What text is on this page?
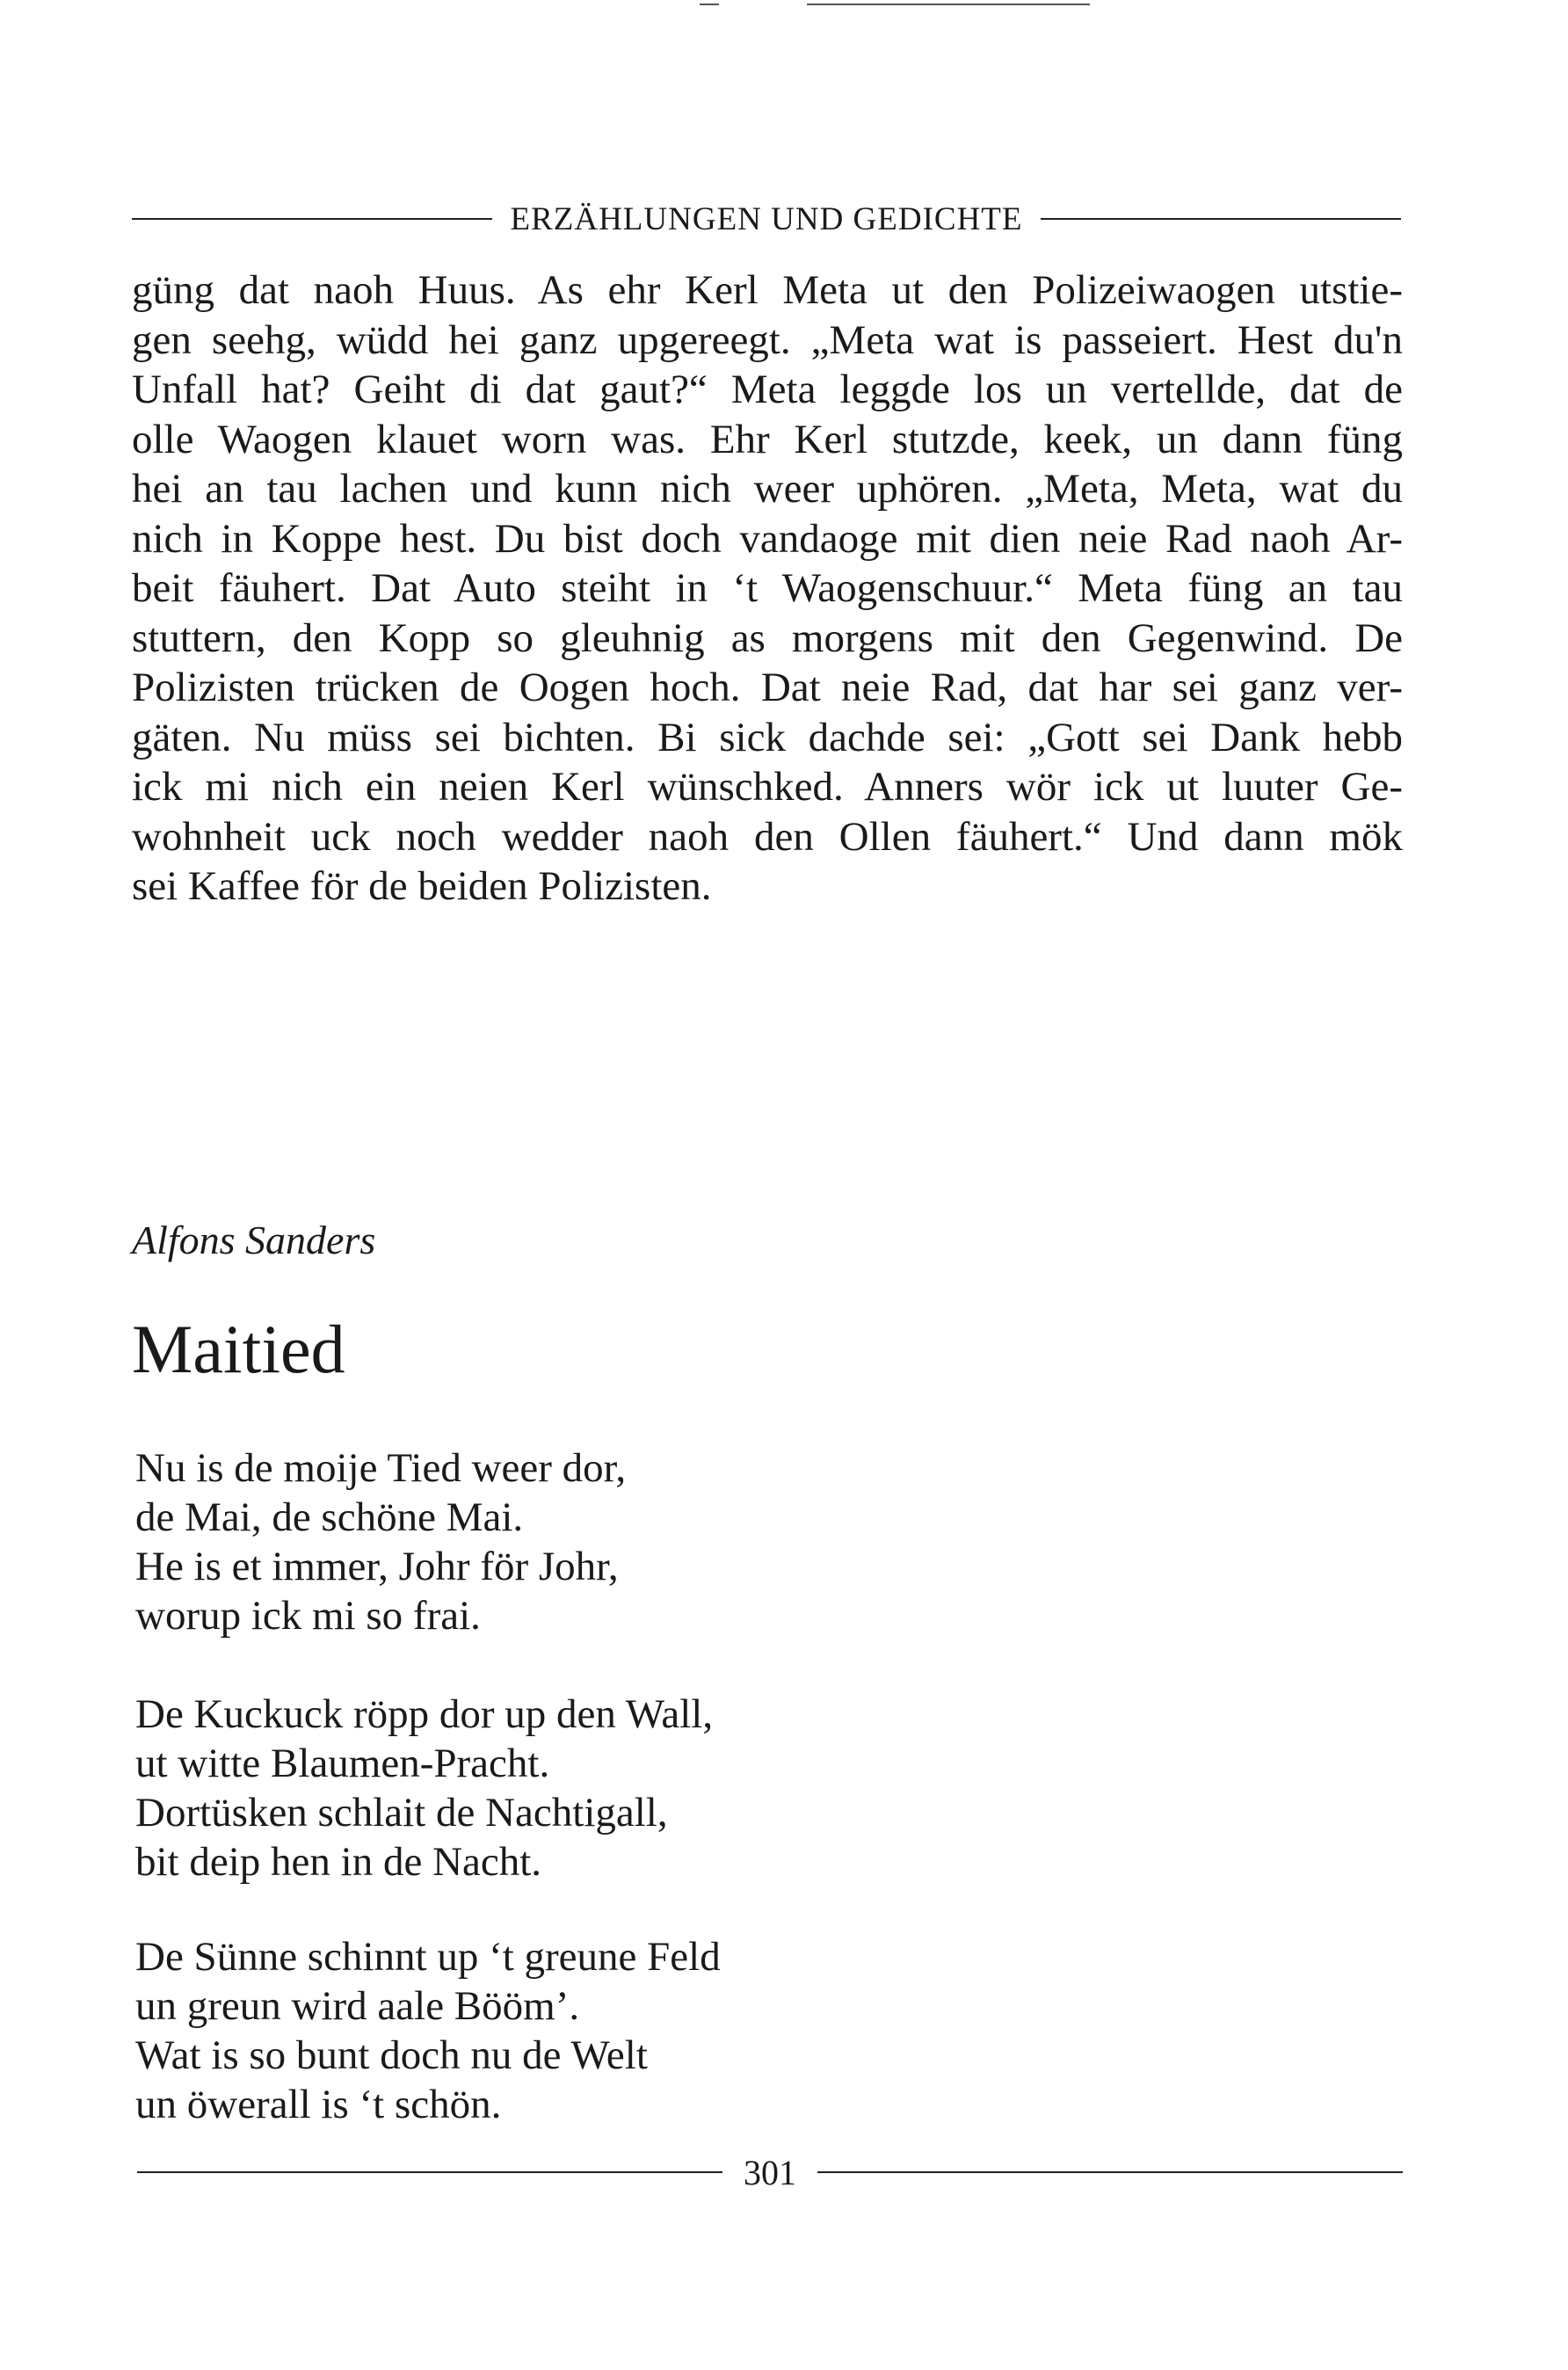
ERZÄHLUNGEN UND GEDICHTE
güng dat naoh Huus. As ehr Kerl Meta ut den Polizeiwaogen utstie-
gen seehg, wüdd hei ganz upgereegt. „Meta wat is passeiert. Hest du'n
Unfall hat? Geiht di dat gaut?“ Meta leggde los un vertellde, dat de
olle Waogen klauet worn was. Ehr Kerl stutzde, keek, un dann füng
hei an tau lachen und kunn nich weer uphören. „Meta, Meta, wat du
nich in Koppe hest. Du bist doch vandaoge mit dien neie Rad naoh Ar-
beit fäuhert. Dat Auto steiht in ‘t Waogenschuur.“ Meta füng an tau
stuttern, den Kopp so gleuhnig as morgens mit den Gegenwind. De
Polizisten trücken de Oogen hoch. Dat neie Rad, dat har sei ganz ver-
gäten. Nu müss sei bichten. Bi sick dachde sei: „Gott sei Dank hebb
ick mi nich ein neien Kerl wünschked. Anners wör ick ut luuter Ge-
wohnheit uck noch wedder naoh den Ollen fäuhert.“ Und dann mök
sei Kaffee för de beiden Polizisten.
Alfons Sanders
Maitied
Nu is de moije Tied weer dor,
de Mai, de schöne Mai.
He is et immer, Johr för Johr,
worup ick mi so frai.
De Kuckuck röpp dor up den Wall,
ut witte Blaumen-Pracht.
Dortüsken schlait de Nachtigall,
bit deip hen in de Nacht.
De Sünne schinnt up ‘t greune Feld
un greun wird aale Bööm’.
Wat is so bunt doch nu de Welt
un öwerall is ‘t schön.
301
